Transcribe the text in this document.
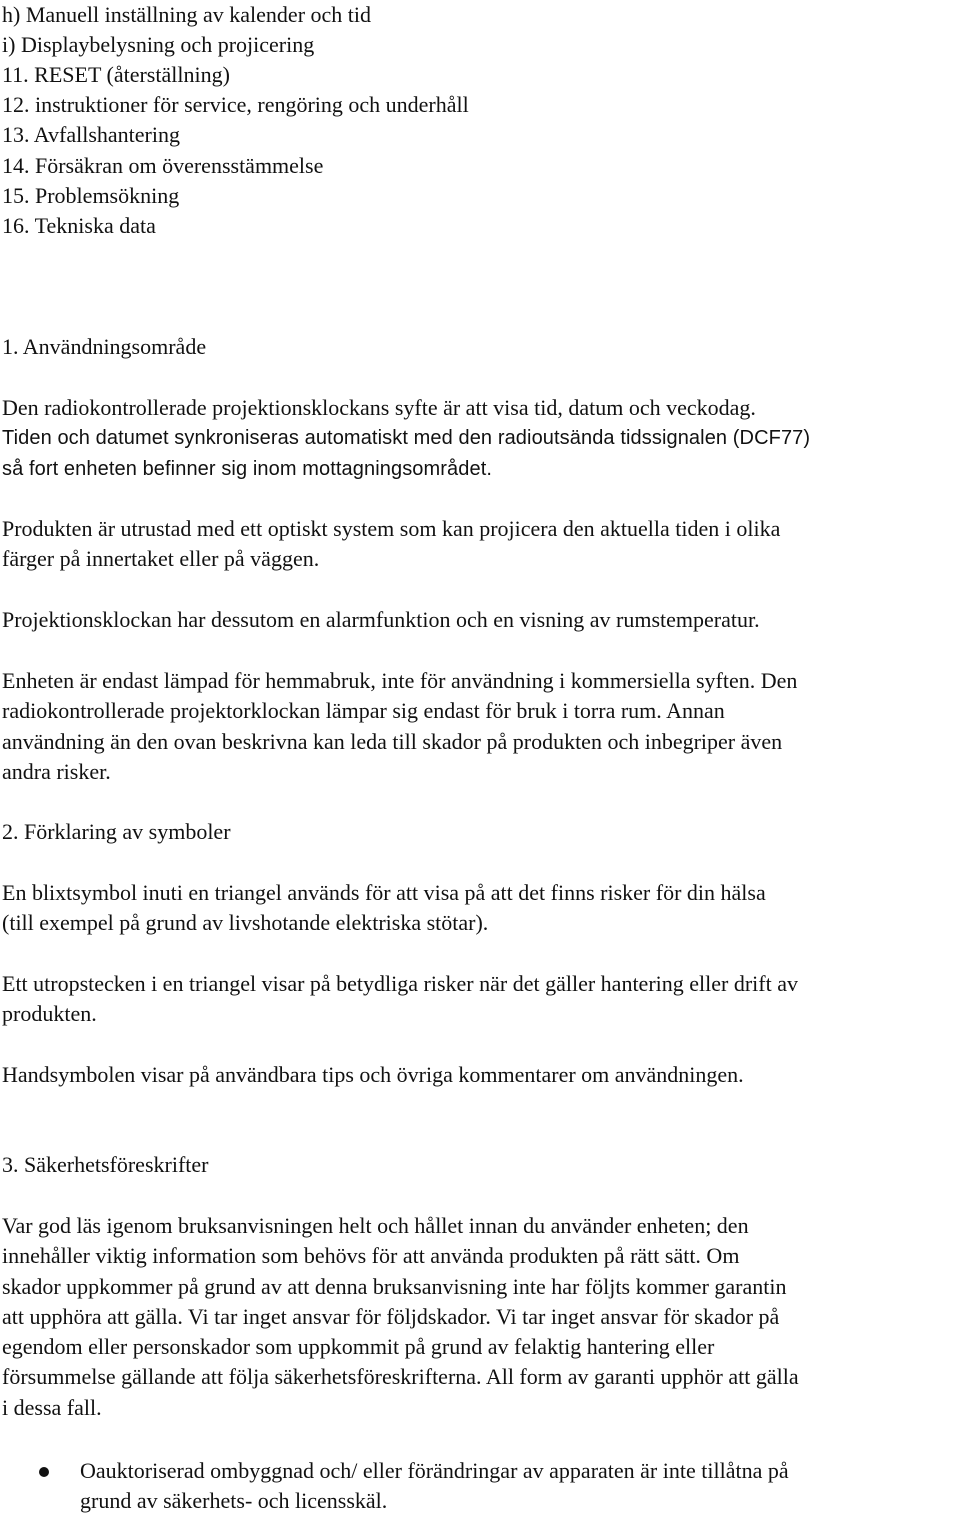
h) Manuell inställning av kalender och tid
i) Displaybelysning och projicering
11. RESET (återställning)
12. instruktioner för service, rengöring och underhåll
13. Avfallshantering
14. Försäkran om överensstämmelse
15. Problemsökning
16. Tekniska data
1. Användningsområde
Den radiokontrollerade projektionsklockans syfte är att visa tid, datum och veckodag.
Tiden och datumet synkroniseras automatiskt med den radioutsända tidssignalen (DCF77)
så fort enheten befinner sig inom mottagningsområdet.
Produkten är utrustad med ett optiskt system som kan projicera den aktuella tiden i olika
färger på innertaket eller på väggen.
Projektionsklockan har dessutom en alarmfunktion och en visning av rumstemperatur.
Enheten är endast lämpad för hemmabruk, inte för användning i kommersiella syften. Den
radiokontrollerade projektorklockan lämpar sig endast för bruk i torra rum. Annan
användning än den ovan beskrivna kan leda till skador på produkten och inbegriper även
andra risker.
2. Förklaring av symboler
En blixtsymbol inuti en triangel används för att visa på att det finns risker för din hälsa
(till exempel på grund av livshotande elektriska stötar).
Ett utropstecken i en triangel visar på betydliga risker när det gäller hantering eller drift av
produkten.
Handsymbolen visar på användbara tips och övriga kommentarer om användningen.
3. Säkerhetsföreskrifter
Var god läs igenom bruksanvisningen helt och hållet innan du använder enheten; den
innehåller viktig information som behövs för att använda produkten på rätt sätt. Om
skador uppkommer på grund av att denna bruksanvisning inte har följts kommer garantin
att upphöra att gälla. Vi tar inget ansvar för följdskador. Vi tar inget ansvar för skador på
egendom eller personskador som uppkommit på grund av felaktig hantering eller
försummelse gällande att följa säkerhetsföreskrifterna. All form av garanti upphör att gälla
i dessa fall.
Oauktoriserad ombyggnad och/ eller förändringar av apparaten är inte tillåtna på
grund av säkerhets- och licensskäl.
